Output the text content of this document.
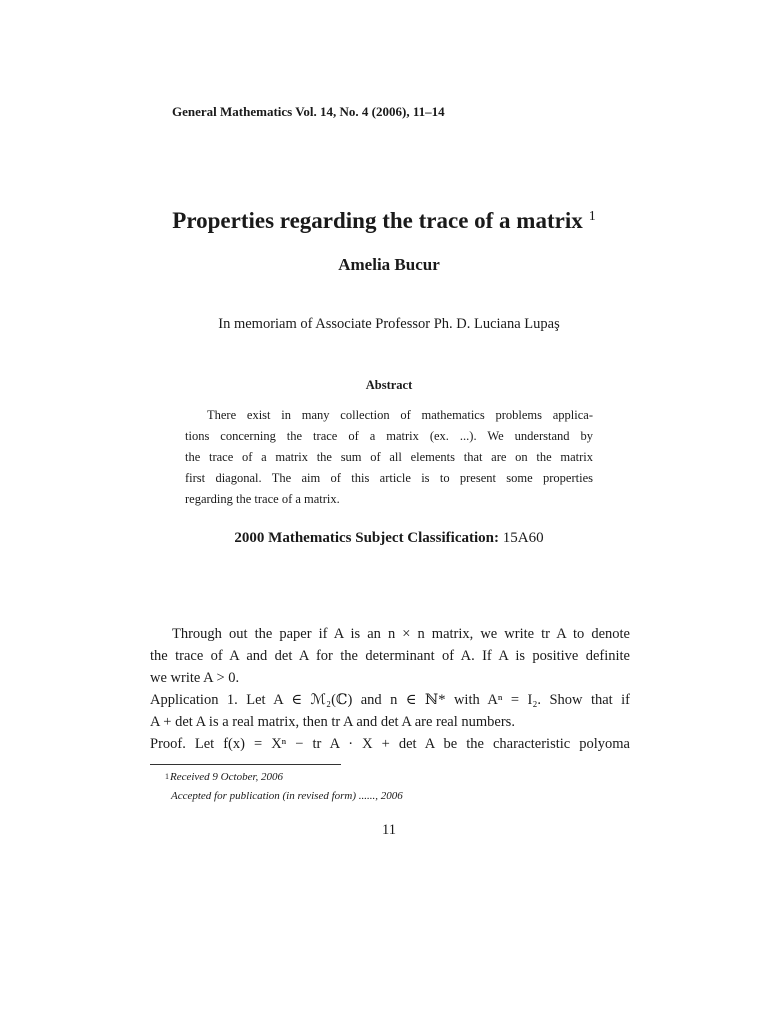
General Mathematics Vol. 14, No. 4 (2006), 11–14
Properties regarding the trace of a matrix $^1$
Amelia Bucur
In memoriam of Associate Professor Ph. D. Luciana Lupaş
Abstract
There exist in many collection of mathematics problems applica-
tions concerning the trace of a matrix (ex. ...). We understand by
the trace of a matrix the sum of all elements that are on the matrix
first diagonal. The aim of this article is to present some properties
regarding the trace of a matrix.
2000 Mathematics Subject Classification: 15A60
Through out the paper if A is an n × n matrix, we write tr A to denote
the trace of A and det A for the determinant of A. If A is positive definite
we write A > 0.
Application 1. Let A ∈ ℳ₂(ℂ) and n ∈ ℕ* with Aⁿ = I₂. Show that if
A + det A is a real matrix, then tr A and det A are real numbers.
Proof. Let f(x) = Xⁿ − tr A · X + det A be the characteristic polyoma
$^1$Received 9 October, 2006
Accepted for publication (in revised form) ......, 2006
11
